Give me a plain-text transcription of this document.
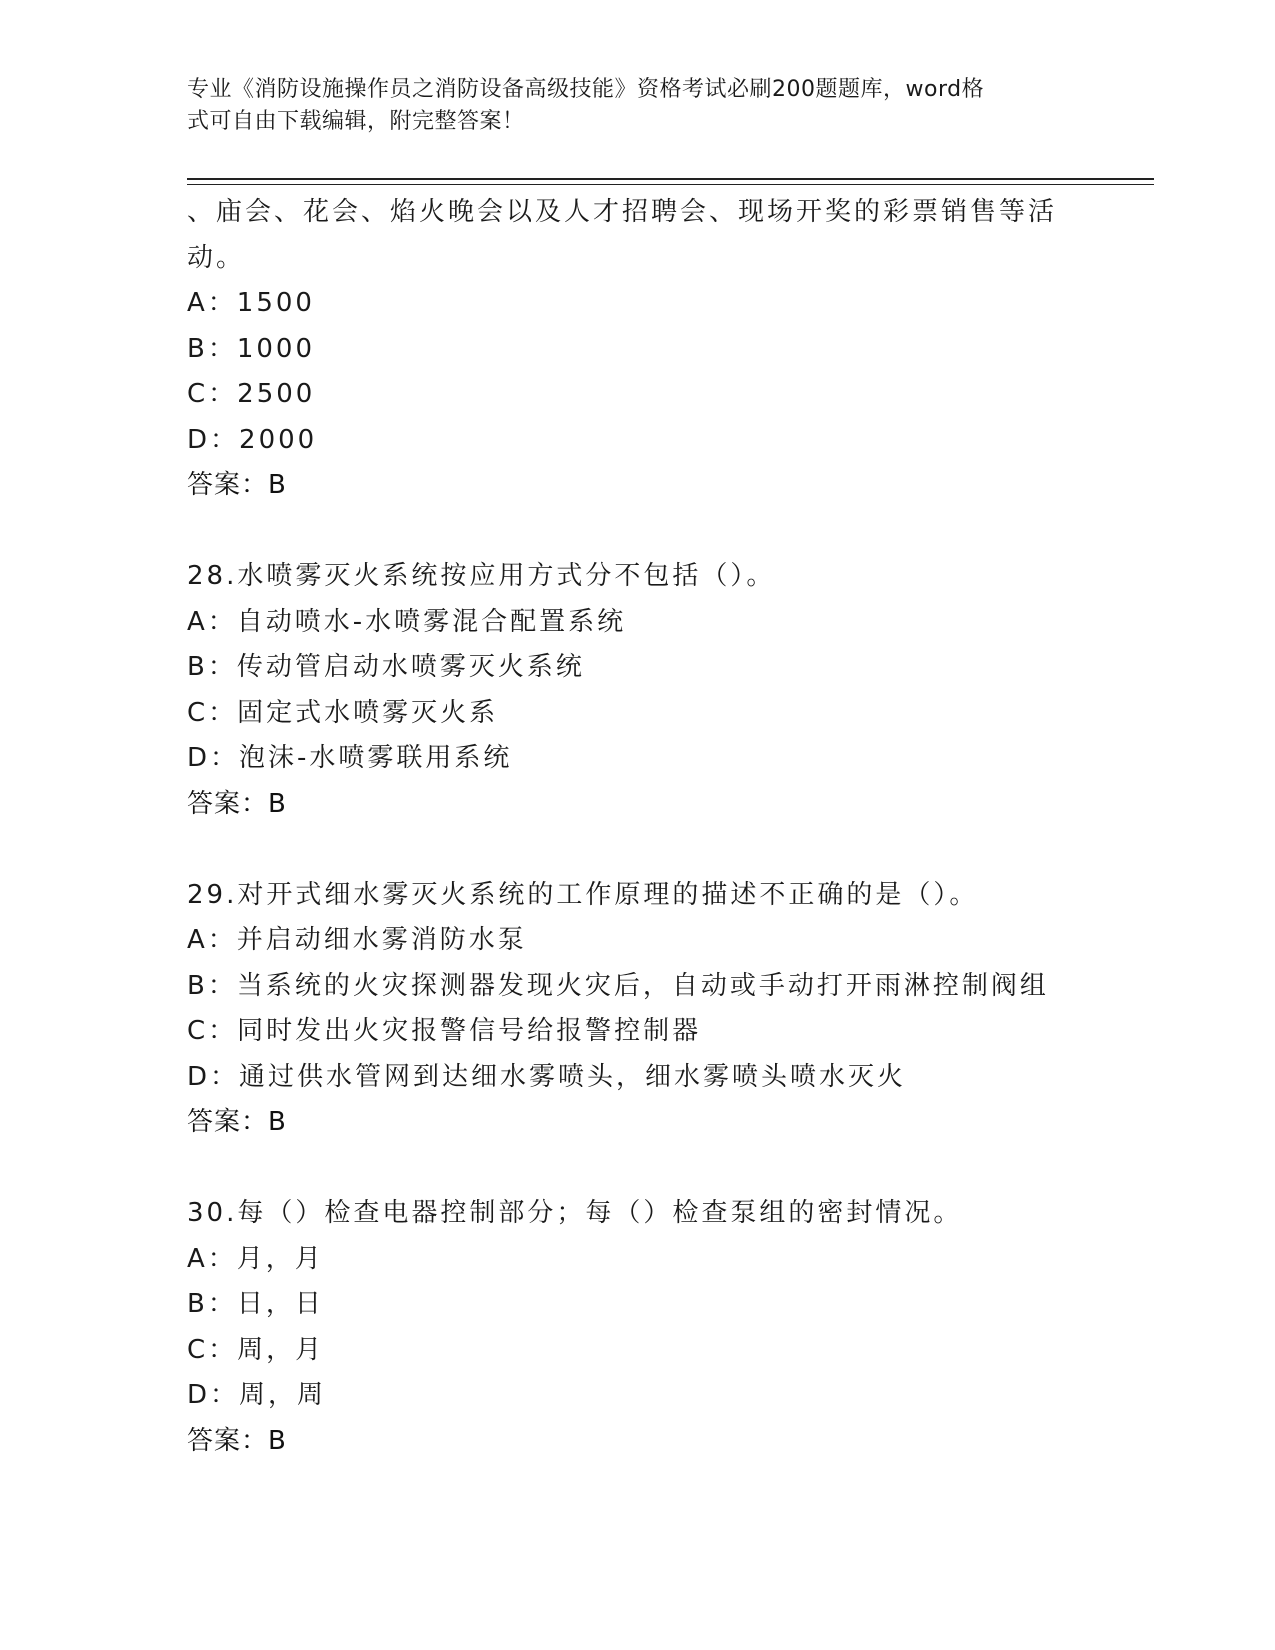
专业《消防设施操作员之消防设备高级技能》资格考试必刷200题题库，word格
式可自由下载编辑，附完整答案！
、庙会、花会、焰火晚会以及人才招聘会、现场开奖的彩票销售等活
动。
A：1500
B：1000
C：2500
D：2000
答案：B
28.水喷雾灭火系统按应用方式分不包括（）。
A：自动喷水-水喷雾混合配置系统
B：传动管启动水喷雾灭火系统
C：固定式水喷雾灭火系
D：泡沫-水喷雾联用系统
答案：B
29.对开式细水雾灭火系统的工作原理的描述不正确的是（）。
A：并启动细水雾消防水泵
B：当系统的火灾探测器发现火灾后，自动或手动打开雨淋控制阀组
C：同时发出火灾报警信号给报警控制器
D：通过供水管网到达细水雾喷头，细水雾喷头喷水灭火
答案：B
30.每（）检查电器控制部分；每（）检查泵组的密封情况。
A：月，月
B：日，日
C：周，月
D：周，周
答案：B
